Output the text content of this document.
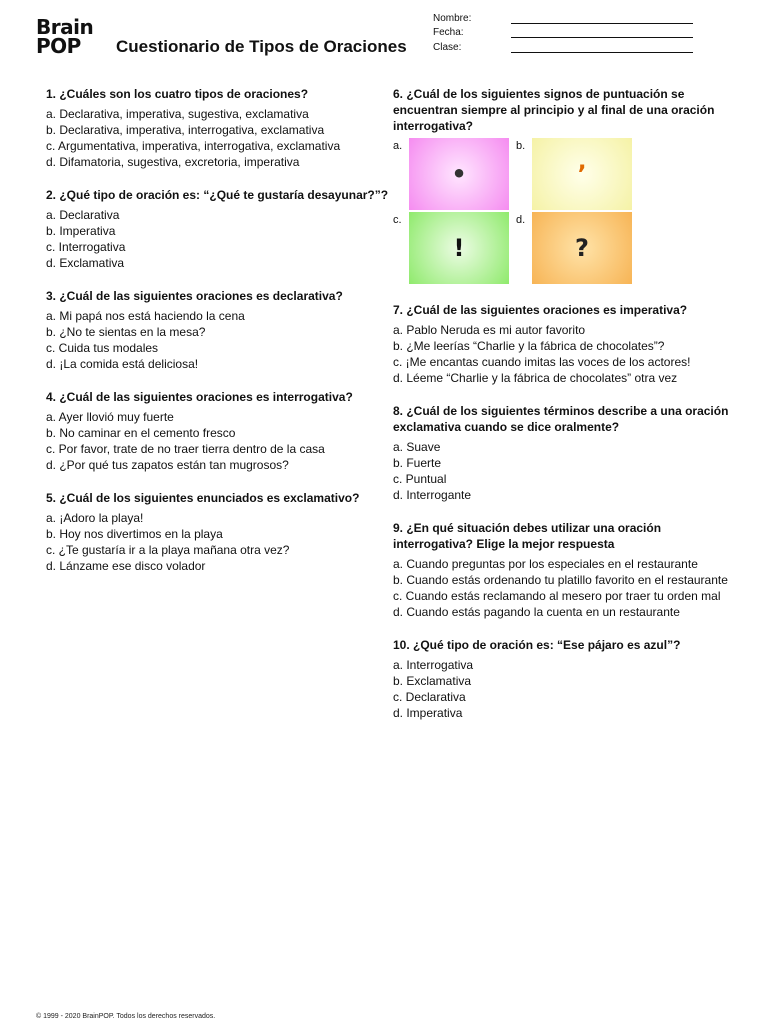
Brain
POP	Cuestionario de Tipos de Oraciones
Nombre:
Fecha:
Clase:

1. ¿Cuáles son los cuatro tipos de oraciones?

a. Declarativa, imperativa, sugestiva, exclamativa

b. Declarativa, imperativa, interrogativa, exclamativa

c. Argumentativa, imperativa, interrogativa, exclamativa

d. Difamatoria, sugestiva, excretoria, imperativa

2. ¿Qué tipo de oración es: “¿Qué te gustaría desayunar?”?

a. Declarativa

b. Imperativa

c. Interrogativa

d. Exclamativa

3. ¿Cuál de las siguientes oraciones es declarativa?

a. Mi papá nos está haciendo la cena

b. ¿No te sientas en la mesa?

c. Cuida tus modales

d. ¡La comida está deliciosa!

4. ¿Cuál de las siguientes oraciones es interrogativa?

a. Ayer llovió muy fuerte

b. No caminar en el cemento fresco

c. Por favor, trate de no traer tierra dentro de la casa

d. ¿Por qué tus zapatos están tan mugrosos?

5. ¿Cuál de los siguientes enunciados es exclamativo?

a. ¡Adoro la playa!

b. Hoy nos divertimos en la playa

c. ¿Te gustaría ir a la playa mañana otra vez?

d. Lánzame ese disco volador

6. ¿Cuál de los siguientes signos de puntuación se encuentran siempre al principio y al final de una oración interrogativa?

a.
•
b.
’
c.
!
d.
?

7. ¿Cuál de las siguientes oraciones es imperativa?

a. Pablo Neruda es mi autor favorito

b. ¿Me leerías “Charlie y la fábrica de chocolates”?

c. ¡Me encantas cuando imitas las voces de los actores!

d. Léeme “Charlie y la fábrica de chocolates” otra vez

8. ¿Cuál de los siguientes términos describe a una oración exclamativa cuando se dice oralmente?

a. Suave

b. Fuerte

c. Puntual

d. Interrogante

9. ¿En qué situación debes utilizar una oración interrogativa? Elige la mejor respuesta

a. Cuando preguntas por los especiales en el restaurante

b. Cuando estás ordenando tu platillo favorito en el restaurante

c. Cuando estás reclamando al mesero por traer tu orden mal

d. Cuando estás pagando la cuenta en un restaurante

10. ¿Qué tipo de oración es: “Ese pájaro es azul”?

a. Interrogativa

b. Exclamativa

c. Declarativa

d. Imperativa

© 1999 - 2020 BrainPOP. Todos los derechos reservados.
